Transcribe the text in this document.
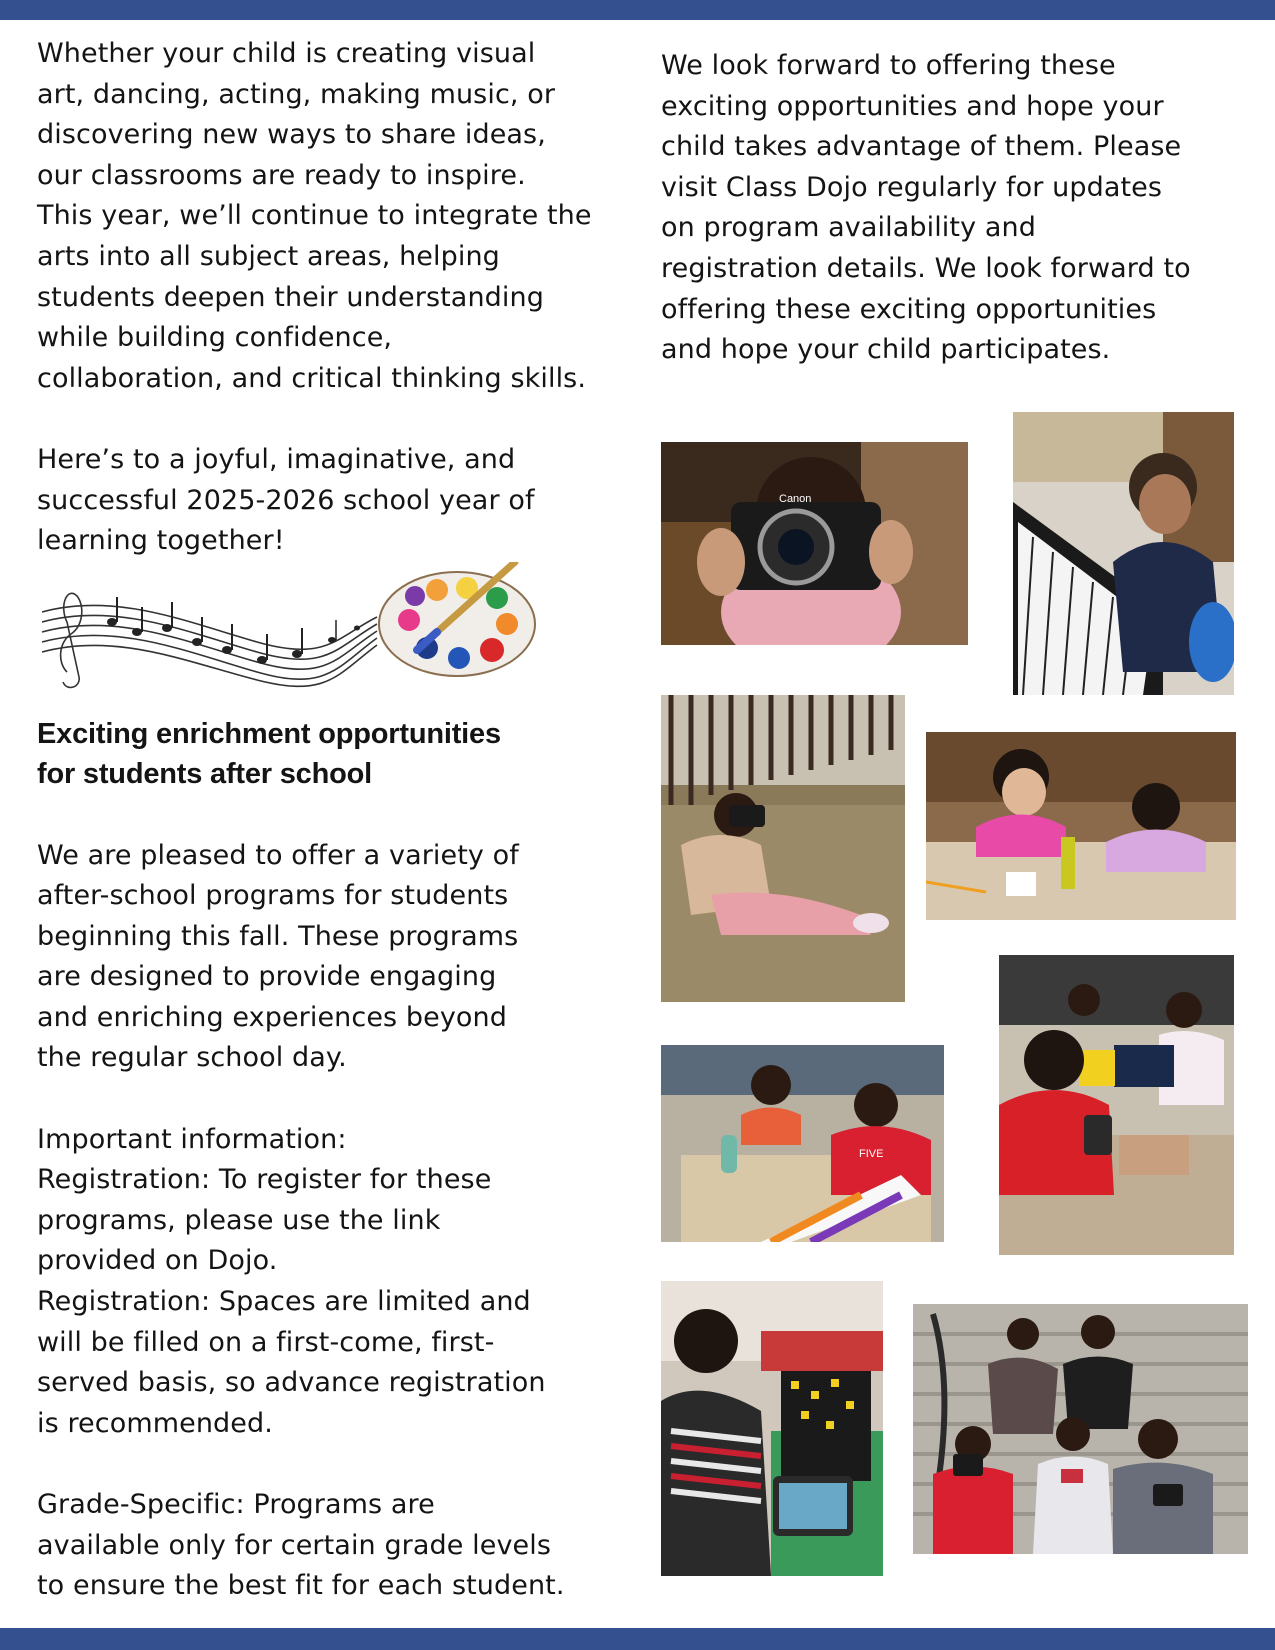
Whether your child is creating visual
art, dancing, acting, making music, or
discovering new ways to share ideas,
our classrooms are ready to inspire.
This year, we’ll continue to integrate the
arts into all subject areas, helping
students deepen their understanding
while building confidence,
collaboration, and critical thinking skills.

Here’s to a joyful, imaginative, and
successful 2025-2026 school year of
learning together!

Exciting enrichment opportunities
for students after school

We are pleased to offer a variety of
after-school programs for students
beginning this fall. These programs
are designed to provide engaging
and enriching experiences beyond
the regular school day.

Important information:
Registration: To register for these
programs, please use the link
provided on Dojo.
Registration: Spaces are limited and
will be filled on a first-come, first-
served basis, so advance registration
is recommended.

Grade-Specific: Programs are
available only for certain grade levels
to ensure the best fit for each student.

We look forward to offering these
exciting opportunities and hope your
child takes advantage of them. Please
visit Class Dojo regularly for updates
on program availability and
registration details. We look forward to
offering these exciting opportunities
and hope your child participates.

Canon
FIVE
